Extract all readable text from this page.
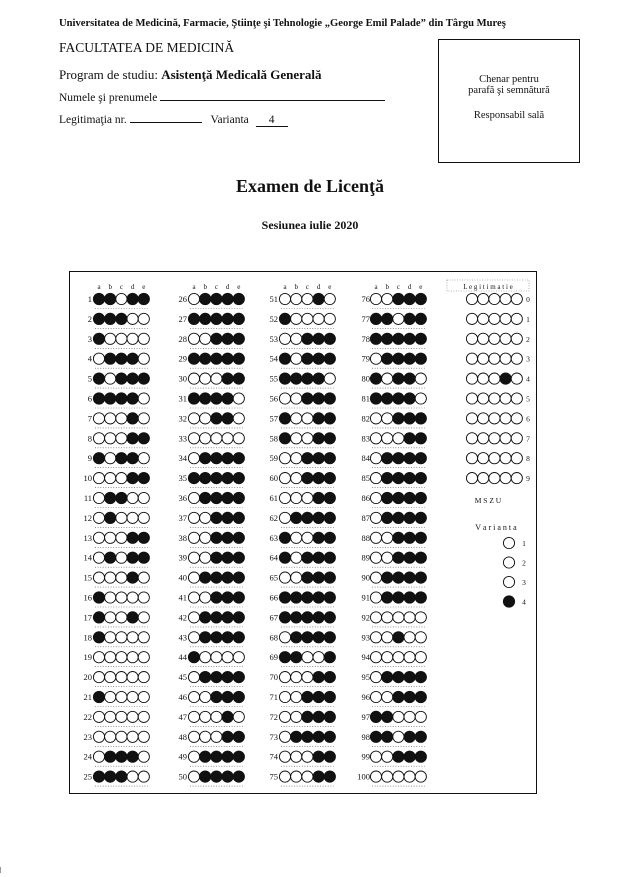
Universitatea de Medicină, Farmacie, Ştiinţe şi Tehnologie „George Emil Palade” din Târgu Mureş
FACULTATEA DE MEDICINĂ
Program de studiu: Asistenţă Medicală Generală
Numele şi prenumele
Legitimaţia nr.	Varianta 4
Chenar pentru
parafă şi semnătură
Responsabil sală
Examen de Licenţă
Sesiunea iulie 2020
a b c d e
1
2
3
4
5
6
7
8
9
10
11
12
13
14
15
16
17
18
19
20
21
22
23
24
25
a b c d e
26
27
28
29
30
31
32
33
34
35
36
37
38
39
40
41
42
43
44
45
46
47
48
49
50
a b c d e
51
52
53
54
55
56
57
58
59
60
61
62
63
64
65
66
67
68
69
70
71
72
73
74
75
a b c d e
76
77
78
79
80
81
82
83
84
85
86
87
88
89
90
91
92
93
94
95
96
97
98
99
100
L e g i t i m a t i e
0
1
2
3
4
5
6
7
8
9
M S Z U
V a r i a n t a
1
2
3
4
